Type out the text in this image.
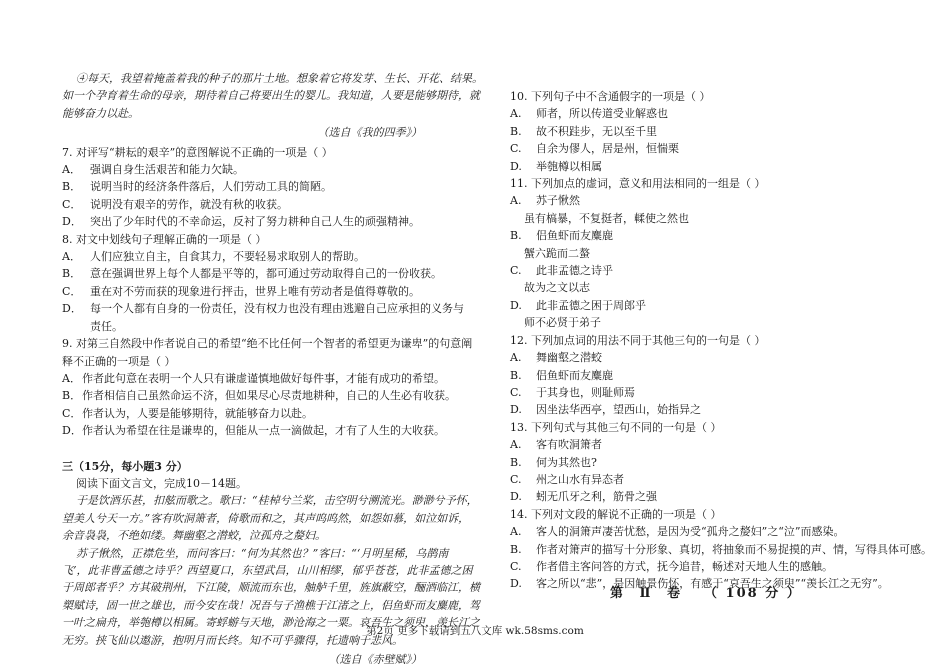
④每天，我望着掩盖着我的种子的那片土地。想象着它将发芽、生长、开花、结果。

如一个孕育着生命的母亲，期待着自己将要出生的婴儿。我知道，人要是能够期待，就

能够奋力以赴。

（选自《我的四季》）

7. 对评写“耕耘的艰辛”的意图解说不正确的一项是（ ）

A． 强调自身生活艰苦和能力欠缺。
B． 说明当时的经济条件落后，人们劳动工具的简陋。
C． 说明没有艰辛的劳作，就没有秋的收获。
D． 突出了少年时代的不幸命运，反衬了努力耕种自己人生的顽强精神。

8. 对文中划线句子理解正确的一项是（ ）

A． 人们应独立自主，自食其力，不要轻易求取别人的帮助。
B． 意在强调世界上每个人都是平等的，都可通过劳动取得自己的一份收获。
C． 重在对不劳而获的现象进行抨击，世界上唯有劳动者是值得尊敬的。
D． 每一个人都有自身的一份责任，没有权力也没有理由逃避自己应承担的义务与

责任。

9. 对第三自然段中作者说自己的希望“绝不比任何一个智者的希望更为谦卑”的句意阐

释不正确的一项是（ ）

A． 作者此句意在表明一个人只有谦虚谨慎地做好每件事，才能有成功的希望。
B． 作者相信自己虽然命运不济，但如果尽心尽责地耕种，自己的人生必有收获。
C． 作者认为，人要是能够期待，就能够奋力以赴。
D． 作者认为希望在往是谦卑的，但能从一点一滴做起，才有了人生的大收获。

三（15分，每小题3 分）

阅读下面文言文，完成10－14题。

于是饮酒乐甚，扣舷而歌之。歌曰：“桂棹兮兰桨，击空明兮溯流光。渺渺兮予怀，

望美人兮天一方。”客有吹洞箫者，倚歌而和之，其声呜呜然，如怨如慕，如泣如诉，

余音袅袅，不绝如缕。舞幽壑之潜蛟，泣孤舟之嫠妇。

苏子愀然，正襟危坐，而问客曰：“何为其然也？”客曰：“‘月明星稀，乌鹊南

飞’，此非曹孟德之诗乎？西望夏口，东望武昌，山川相缪，郁乎苍苍，此非孟德之困

于周郎者乎？方其破荆州，下江陵，顺流而东也，舳舻千里，旌旗蔽空，酾酒临江，横

槊赋诗，固一世之雄也，而今安在哉！况吾与子渔樵于江渚之上，侣鱼虾而友麋鹿，驾

一叶之扁舟，举匏樽以相属。寄蜉蝣与天地，渺沧海之一粟。哀吾生之须臾，羡长江之

无穷。挟飞仙以遨游，抱明月而长终。知不可乎骤得，托遗响于悲风。

（选自《赤壁赋》）

10. 下列句子中不含通假字的一项是（ ）

A.	师者，所以传道受业解惑也
B.	故不积跬步，无以至千里
C.	自余为僇人，居是州，恒惴栗
D.	举匏樽以相属

11. 下列加点的虚词，意义和用法相同的一组是（ ）

A.	苏子愀然

虽有槁暴，不复挺者，輮使之然也

B.	侣鱼虾而友麋鹿

蟹六跪而二螯

C.	此非孟德之诗乎

故为之文以志

D.	此非孟德之困于周郎乎

师不必贤于弟子

12. 下列加点词的用法不同于其他三句的一句是（ ）

A.	舞幽壑之潜蛟
B.	侣鱼虾而友麋鹿
C.	于其身也，则耻师焉
D.	因坐法华西亭，望西山，始指异之

13. 下列句式与其他三句不同的一句是（ ）

A.	客有吹洞箫者
B.	何为其然也?
C.	州之山水有异态者
D.	蚓无爪牙之利，筋骨之强

14. 下列对文段的解说不正确的一项是（ ）

A.	客人的洞箫声凄苦忧愁，是因为受“孤舟之嫠妇”之“泣”而感染。
B.	作者对箫声的描写十分形象、真切，将抽象而不易捉摸的声、情，写得具体可感。
C.	作者借主客问答的方式，抚今追昔，畅述对天地人生的感触。
D.	客之所以“悲”，是因触景伤怀，有感于“哀吾生之须臾”“羡长江之无穷”。
第 Ⅱ 卷 （ 108 分 ）
第2页 更多下载请到五八文库 wk.58sms.com
